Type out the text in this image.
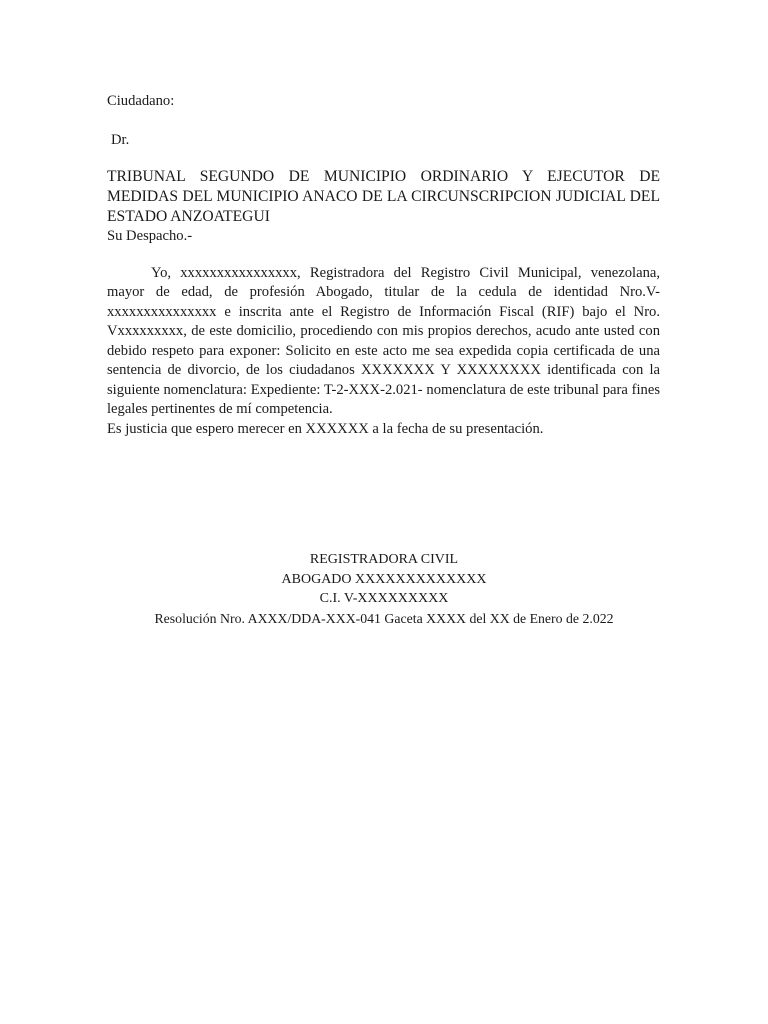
Ciudadano:

Dr.

TRIBUNAL SEGUNDO DE MUNICIPIO ORDINARIO Y EJECUTOR DE MEDIDAS DEL MUNICIPIO ANACO DE LA CIRCUNSCRIPCION JUDICIAL DEL ESTADO ANZOATEGUI

Su Despacho.-

Yo, xxxxxxxxxxxxxxxx, Registradora del Registro Civil Municipal, venezolana, mayor de edad, de profesión Abogado, titular de la cedula de identidad Nro.V-xxxxxxxxxxxxxxx e inscrita ante el Registro de Información Fiscal (RIF) bajo el Nro. Vxxxxxxxxx, de este domicilio, procediendo con mis propios derechos, acudo ante usted con debido respeto para exponer: Solicito en este acto me sea expedida copia certificada de una sentencia de divorcio, de los ciudadanos XXXXXXX Y XXXXXXXX identificada con la siguiente nomenclatura: Expediente: T-2-XXX-2.021- nomenclatura de este tribunal para fines legales pertinentes de mí competencia.

Es justicia que espero merecer en XXXXXX a la fecha de su presentación.

REGISTRADORA CIVIL

ABOGADO XXXXXXXXXXXXX

C.I. V-XXXXXXXXX

Resolución Nro. AXXX/DDA-XXX-041 Gaceta XXXX del XX de Enero de 2.022
